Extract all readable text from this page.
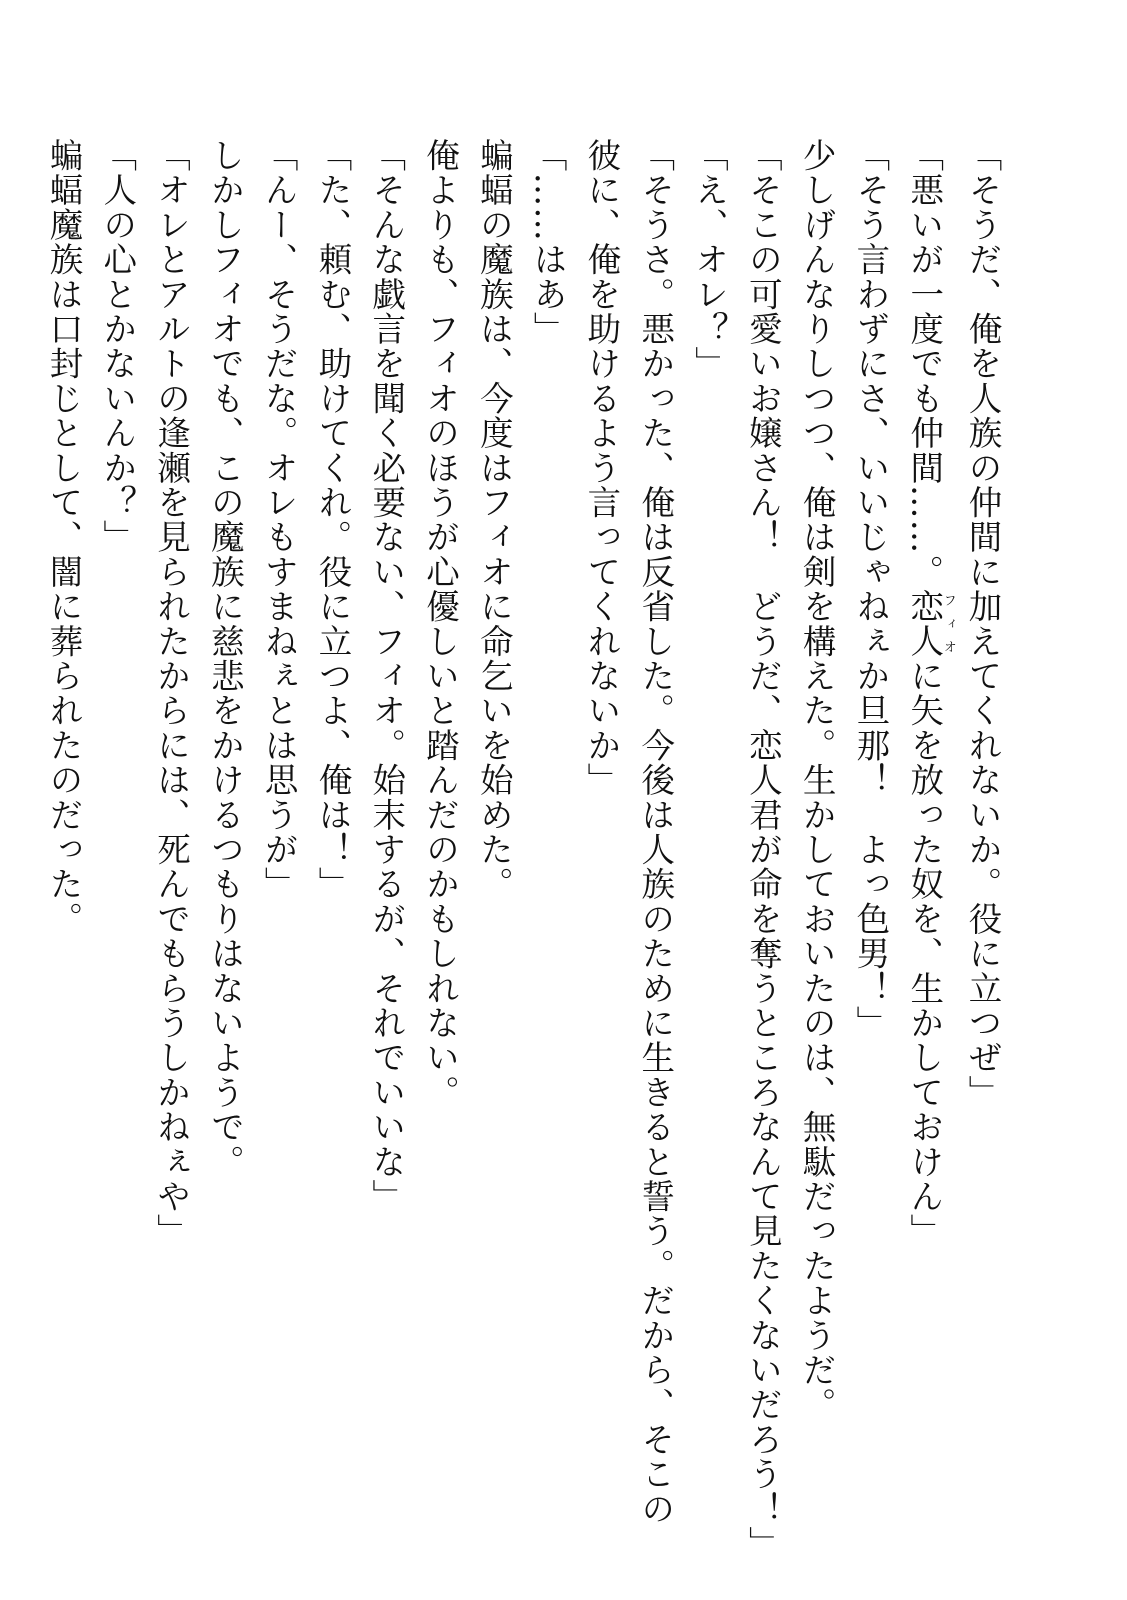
「そうだ、俺を人族の仲間に加えてくれないか。役に立つぜ」
「悪いが一度でも仲間……。恋人フィオに矢を放った奴を、生かしておけん」
「そう言わずにさ、いいじゃねぇか旦那！　よっ色男！」
少しげんなりしつつ、俺は剣を構えた。生かしておいたのは、無駄だったようだ。
「そこの可愛いお嬢さん！　どうだ、恋人君が命を奪うところなんて見たくないだろう！」
「え、オレ？」
「そうさ。悪かった、俺は反省した。今後は人族のために生きると誓う。だから、そこの
彼に、俺を助けるよう言ってくれないか」
「……はあ」
蝙蝠の魔族は、今度はフィオに命乞いを始めた。
俺よりも、フィオのほうが心優しいと踏んだのかもしれない。
「そんな戯言を聞く必要ない、フィオ。始末するが、それでいいな」
「た、頼む、助けてくれ。役に立つよ、俺は！」
「んー、そうだな。オレもすまねぇとは思うが」
しかしフィオでも、この魔族に慈悲をかけるつもりはないようで。
「オレとアルトの逢瀬を見られたからには、死んでもらうしかねぇや」
「人の心とかないんか？」
蝙蝠魔族は口封じとして、闇に葬られたのだった。
